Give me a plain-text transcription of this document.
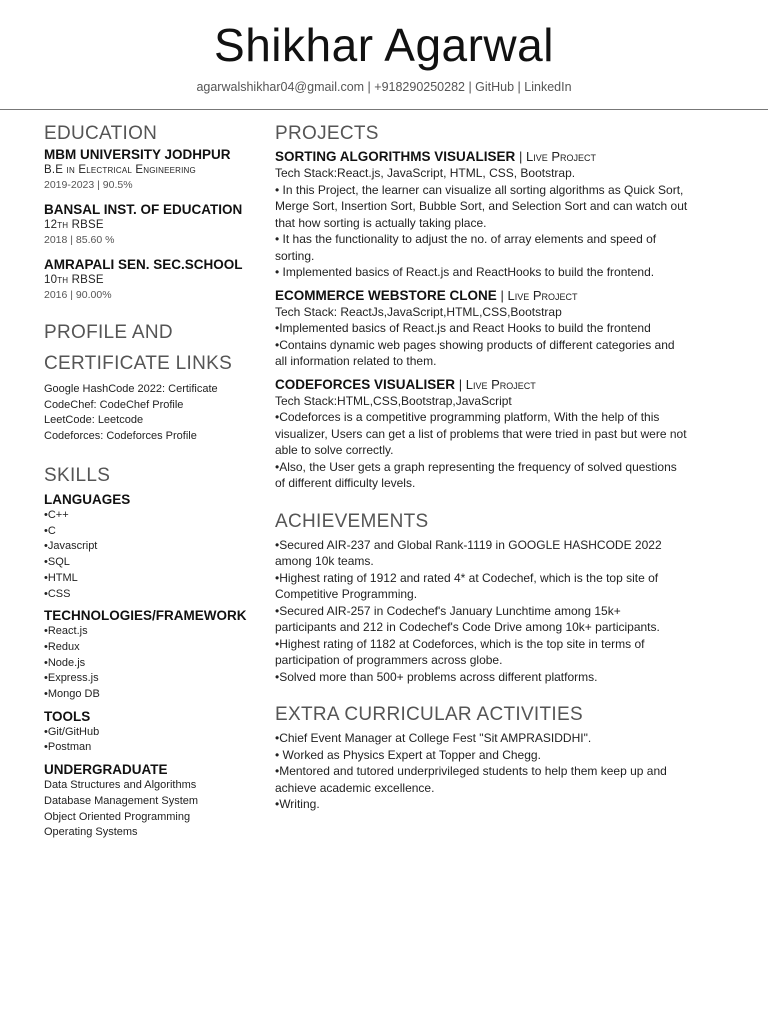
Shikhar Agarwal
agarwalshikhar04@gmail.com | +918290250282 | GitHub | LinkedIn
EDUCATION
MBM UNIVERSITY JODHPUR
B.E in Electrical Engineering
2019-2023 | 90.5%
BANSAL INST. OF EDUCATION
12th RBSE
2018 | 85.60 %
AMRAPALI SEN. SEC.SCHOOL
10th RBSE
2016 | 90.00%
PROFILE AND
CERTIFICATE LINKS
Google HashCode 2022: Certificate
CodeChef: CodeChef Profile
LeetCode: Leetcode
Codeforces: Codeforces Profile
SKILLS
LANGUAGES
•C++
•C
•Javascript
•SQL
•HTML
•CSS
TECHNOLOGIES/FRAMEWORK
•React.js
•Redux
•Node.js
•Express.js
•Mongo DB
TOOLS
•Git/GitHub
•Postman
UNDERGRADUATE
Data Structures and Algorithms
Database Management System
Object Oriented Programming
Operating Systems
PROJECTS
SORTING ALGORITHMS VISUALISER | Live Project
Tech Stack:React.js, JavaScript, HTML, CSS, Bootstrap.
• In this Project, the learner can visualize all sorting algorithms as Quick Sort,
Merge Sort, Insertion Sort, Bubble Sort, and Selection Sort and can watch out
that how sorting is actually taking place.
• It has the functionality to adjust the no. of array elements and speed of
sorting.
• Implemented basics of React.js and ReactHooks to build the frontend.
ECOMMERCE WEBSTORE CLONE | Live Project
Tech Stack: ReactJs,JavaScript,HTML,CSS,Bootstrap
•Implemented basics of React.js and React Hooks to build the frontend
•Contains dynamic web pages showing products of different categories and
all information related to them.
CODEFORCES VISUALISER | Live Project
Tech Stack:HTML,CSS,Bootstrap,JavaScript
•Codeforces is a competitive programming platform, With the help of this
visualizer, Users can get a list of problems that were tried in past but were not
able to solve correctly.
•Also, the User gets a graph representing the frequency of solved questions
of different difficulty levels.
ACHIEVEMENTS
•Secured AIR-237 and Global Rank-1119 in GOOGLE HASHCODE 2022
among 10k teams.
•Highest rating of 1912 and rated 4* at Codechef, which is the top site of
Competitive Programming.
•Secured AIR-257 in Codechef's January Lunchtime among 15k+
participants and 212 in Codechef's Code Drive among 10k+ participants.
•Highest rating of 1182 at Codeforces, which is the top site in terms of
participation of programmers across globe.
•Solved more than 500+ problems across different platforms.
EXTRA CURRICULAR ACTIVITIES
•Chief Event Manager at College Fest "Sit AMPRASIDDHI".
• Worked as Physics Expert at Topper and Chegg.
•Mentored and tutored underprivileged students to help them keep up and
achieve academic excellence.
•Writing.
